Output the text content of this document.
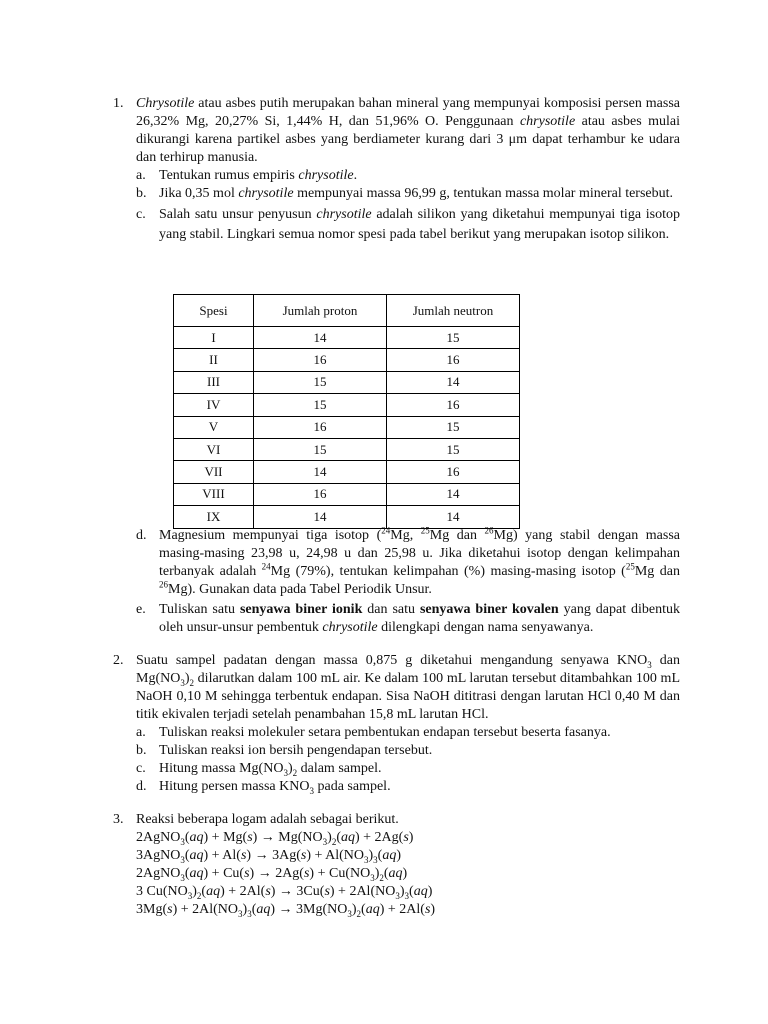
1. Chrysotile atau asbes putih merupakan bahan mineral yang mempunyai komposisi persen massa 26,32% Mg, 20,27% Si, 1,44% H, dan 51,96% O. Penggunaan chrysotile atau asbes mulai dikurangi karena partikel asbes yang berdiameter kurang dari 3 μm dapat terhambur ke udara dan terhirup manusia.
a. Tentukan rumus empiris chrysotile.
b. Jika 0,35 mol chrysotile mempunyai massa 96,99 g, tentukan massa molar mineral tersebut.
c. Salah satu unsur penyusun chrysotile adalah silikon yang diketahui mempunyai tiga isotop yang stabil. Lingkari semua nomor spesi pada tabel berikut yang merupakan isotop silikon.
Spesi	Jumlah proton	Jumlah neutron
I	14	15
II	16	16
III	15	14
IV	15	16
V	16	15
VI	15	15
VII	14	16
VIII	16	14
IX	14	14
d. Magnesium mempunyai tiga isotop ($^{24}$Mg, $^{25}$Mg dan $^{26}$Mg) yang stabil dengan massa masing-masing 23,98 u, 24,98 u dan 25,98 u. Jika diketahui isotop dengan kelimpahan terbanyak adalah $^{24}$Mg (79%), tentukan kelimpahan (%) masing-masing isotop ($^{25}$Mg dan $^{26}$Mg). Gunakan data pada Tabel Periodik Unsur.
e. Tuliskan satu senyawa biner ionik dan satu senyawa biner kovalen yang dapat dibentuk oleh unsur-unsur pembentuk chrysotile dilengkapi dengan nama senyawanya.
2. Suatu sampel padatan dengan massa 0,875 g diketahui mengandung senyawa $KNO_3$ dan $Mg(NO_3)_2$ dilarutkan dalam 100 mL air. Ke dalam 100 mL larutan tersebut ditambahkan 100 mL NaOH 0,10 M sehingga terbentuk endapan. Sisa NaOH dititrasi dengan larutan HCl 0,40 M dan titik ekivalen terjadi setelah penambahan 15,8 mL larutan HCl.
a. Tuliskan reaksi molekuler setara pembentukan endapan tersebut beserta fasanya.
b. Tuliskan reaksi ion bersih pengendapan tersebut.
c. Hitung massa $Mg(NO_3)_2$ dalam sampel.
d. Hitung persen massa $KNO_3$ pada sampel.
3. Reaksi beberapa logam adalah sebagai berikut.
2AgNO$_3$(aq) + $Mg(s) \to Mg(NO_3)_2(aq) + 2Ag(s)$
3AgNO$_3$(aq) + $Al(s) \to 3Ag(s) + Al(NO_3)_3(aq)$
2AgNO$_3$(aq) + $Cu(s) \to 2Ag(s) + Cu(NO_3)_2(aq)$
3 $Cu(NO_3)_2(aq) + 2Al(s) \to 3Cu(s) + 2Al(NO_3)_3(aq)$
$3Mg(s) + 2Al(NO_3)_3(aq) \to 3Mg(NO_3)_2(aq) + 2Al(s)$
